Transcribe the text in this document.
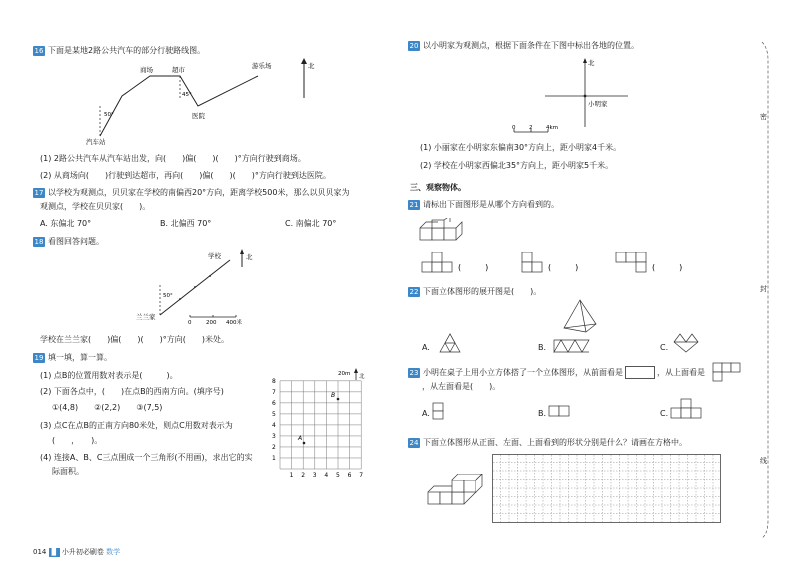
16 下面是某地2路公共汽车的部分行驶路线图。
商场	超市	游乐场
医院
汽车站
北
50°
45°
(1) 2路公共汽车从汽车站出发，向(　　)偏(　　)(　　)°方向行驶到商场。
(2) 从商场向(　　)行驶到达超市，再向(　　)偏(　　)(　　)°方向行驶到达医院。
17 以学校为观测点，贝贝家在学校的南偏西20°方向，距离学校500米，那么以贝贝家为
观测点，学校在贝贝家(　　)。
A. 东偏北 70°	B. 北偏西 70°	C. 南偏北 70°
18 看图回答问题。
学校
兰兰家
北
50°
0	200 400米
学校在兰兰家(　　)偏(　　)(　　)°方向(　　)米处。
19 填一填，算一算。
(1) 点B的位置用数对表示是(　　　)。
(2) 下面各点中，(　　)在点B的西南方向。(填序号)
①(4,8)　　②(2,2)　　③(7,5)
(3) 点C在点B的正南方向80米处，则点C用数对表示为
(　　，　　)。
(4) 连接A、B、C三点围成一个三角形(不用画)，求出它的实
际面积。	1 2 3 4 5 6 7
1
2
3
4
5
6
7
8
20m 北
A
B
014 ▉ 小升初必刷卷 数学
20 以小明家为观测点，根据下面条件在下图中标出各地的位置。
北
小明家
0 2 4km
(1) 小丽家在小明家东偏南30°方向上，距小明家4千米。
(2) 学校在小明家西偏北35°方向上，距小明家5千米。
三、观察物体。
21 请标出下面图形是从哪个方向看到的。
(　　　)	(　　　)	(　　　)
22 下面立体图形的展开图是(　　)。
A.	B.	C.
23 小明在桌子上用小立方体搭了一个立体图形，从前面看是	，从上面看是
，从左面看是(　　)。
A.	B.	C.
24 下面立体图形从正面、左面、上面看到的形状分别是什么？请画在方格中。
密
封
线
